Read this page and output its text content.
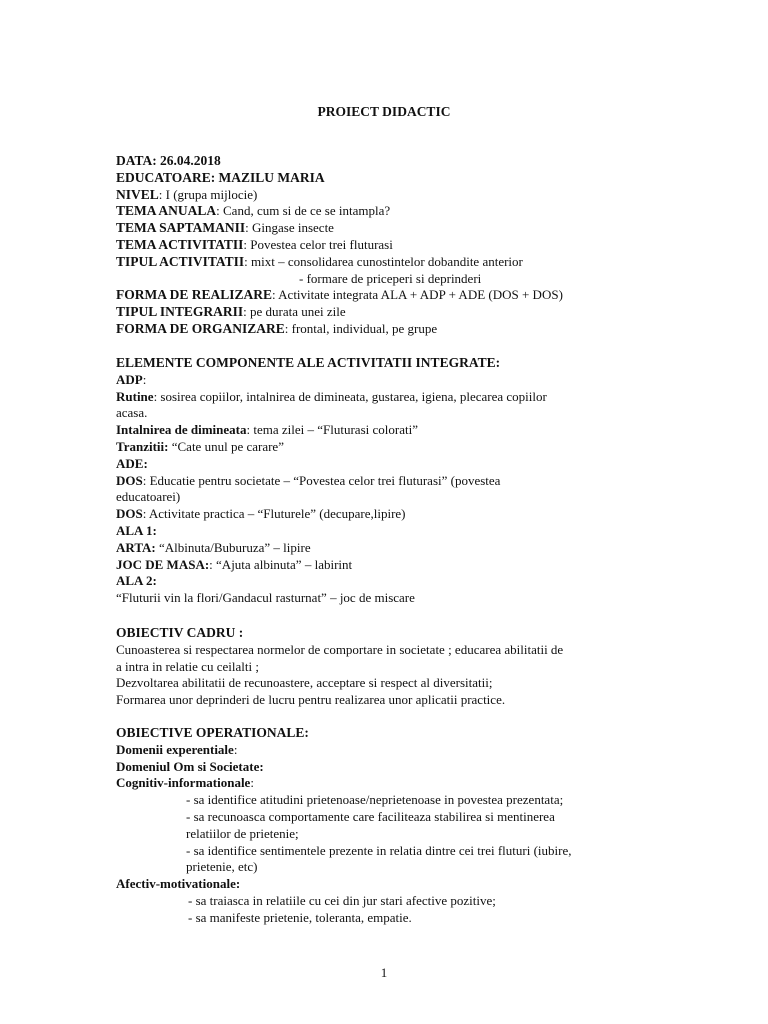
PROIECT DIDACTIC
DATA: 26.04.2018
EDUCATOARE: MAZILU MARIA
NIVEL: I (grupa mijlocie)
TEMA ANUALA: Cand, cum si de ce se intampla?
TEMA SAPTAMANII: Gingase insecte
TEMA ACTIVITATII: Povestea celor trei fluturasi
TIPUL ACTIVITATII: mixt – consolidarea cunostintelor dobandite anterior
- formare de priceperi si deprinderi
FORMA DE REALIZARE: Activitate integrata ALA + ADP + ADE (DOS + DOS)
TIPUL INTEGRARII: pe durata unei zile
FORMA DE ORGANIZARE: frontal, individual, pe grupe
ELEMENTE COMPONENTE ALE ACTIVITATII INTEGRATE:
ADP:
Rutine: sosirea copiilor, intalnirea de dimineata, gustarea, igiena, plecarea copiilor
acasa.
Intalnirea de dimineata: tema zilei – “Fluturasi colorati”
Tranzitii: “Cate unul pe carare”
ADE:
DOS: Educatie pentru societate – “Povestea celor trei fluturasi” (povestea
educatoarei)
DOS: Activitate practica – “Fluturele” (decupare,lipire)
ALA 1:
ARTA: “Albinuta/Buburuza” – lipire
JOC DE MASA:: “Ajuta albinuta” – labirint
ALA 2:
“Fluturii vin la flori/Gandacul rasturnat” – joc de miscare
OBIECTIV CADRU :
Cunoasterea si respectarea normelor de comportare in societate ; educarea abilitatii de
a intra in relatie cu ceilalti ;
Dezvoltarea abilitatii de recunoastere, acceptare si respect al diversitatii;
Formarea unor deprinderi de lucru pentru realizarea unor aplicatii practice.
OBIECTIVE OPERATIONALE:
Domenii experentiale:
Domeniul Om si Societate:
Cognitiv-informationale:
- sa identifice atitudini prietenoase/neprietenoase in povestea prezentata;
- sa recunoasca comportamente care faciliteaza stabilirea si mentinerea
relatiilor de prietenie;
- sa identifice sentimentele prezente in relatia dintre cei trei fluturi (iubire,
prietenie, etc)
Afectiv-motivationale:
- sa traiasca in relatiile cu cei din jur stari afective pozitive;
- sa manifeste prietenie, toleranta, empatie.
1
